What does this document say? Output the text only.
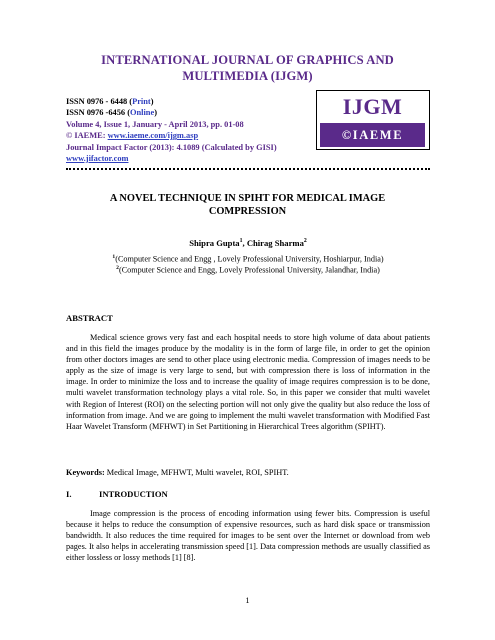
INTERNATIONAL JOURNAL OF GRAPHICS AND
MULTIMEDIA (IJGM)
ISSN 0976 - 6448 (Print)
ISSN 0976 -6456 (Online)
Volume 4, Issue 1, January - April 2013, pp. 01-08
© IAEME: www.iaeme.com/ijgm.asp
Journal Impact Factor (2013): 4.1089 (Calculated by GISI)
www.jifactor.com
IJGM
©IAEME
A NOVEL TECHNIQUE IN SPIHT FOR MEDICAL IMAGE
COMPRESSION
Shipra Gupta$^1$, Chirag Sharma$^2$
$^1$(Computer Science and Engg , Lovely Professional University, Hoshiarpur, India)
$^2$(Computer Science and Engg, Lovely Professional University, Jalandhar, India)
ABSTRACT
Medical science grows very fast and each hospital needs to store high volume of data about patients and in this field the images produce by the modality is in the form of large file, in order to get the opinion from other doctors images are send to other place using electronic media. Compression of images needs to be apply as the size of image is very large to send, but with compression there is loss of information in the image. In order to minimize the loss and to increase the quality of image requires compression is to be done, multi wavelet transformation technology plays a vital role. So, in this paper we consider that multi wavelet with Region of Interest (ROI) on the selecting portion will not only give the quality but also reduce the loss of information from image. And we are going to implement the multi wavelet transformation with Modified Fast Haar Wavelet Transform (MFHWT) in Set Partitioning in Hierarchical Trees algorithm (SPIHT).
Keywords: Medical Image, MFHWT, Multi wavelet, ROI, SPIHT.
I.	INTRODUCTION
Image compression is the process of encoding information using fewer bits. Compression is useful because it helps to reduce the consumption of expensive resources, such as hard disk space or transmission bandwidth. It also reduces the time required for images to be sent over the Internet or download from web pages. It also helps in accelerating transmission speed [1]. Data compression methods are usually classified as either lossless or lossy methods [1] [8].
1
